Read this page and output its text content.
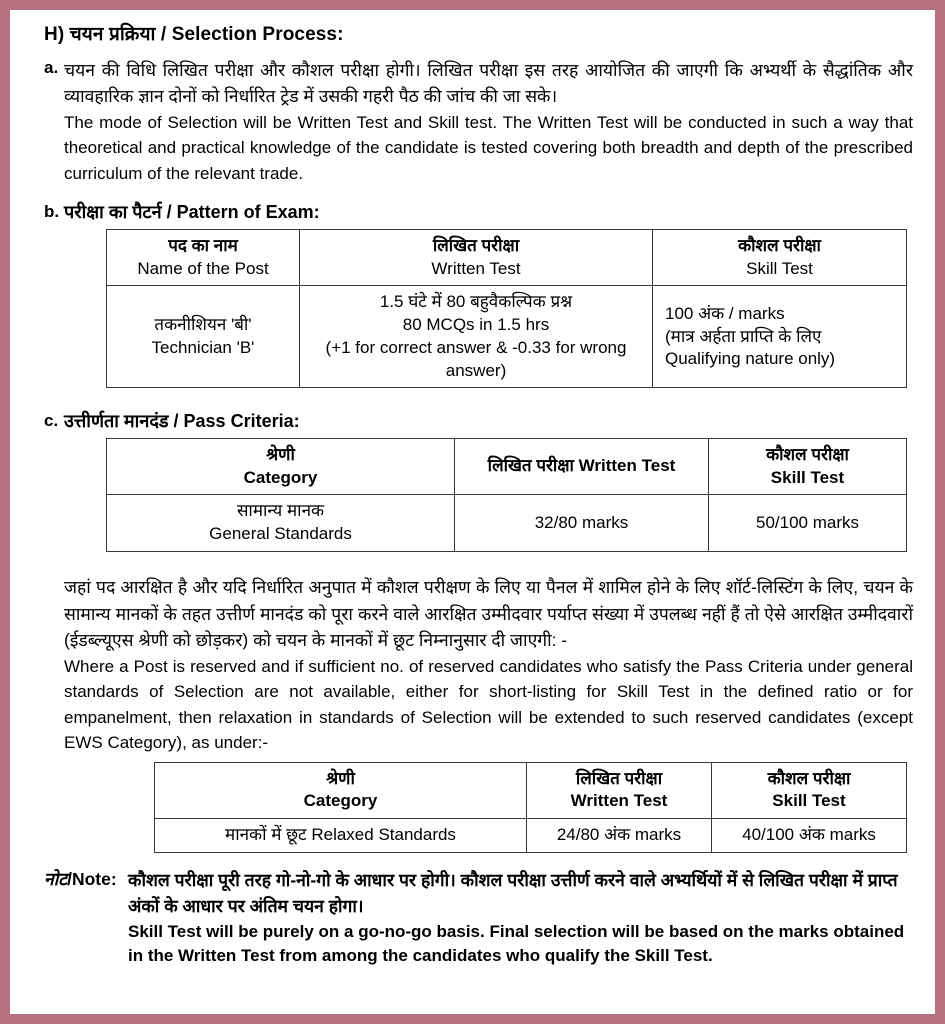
H) चयन प्रक्रिया / Selection Process:
a. चयन की विधि लिखित परीक्षा और कौशल परीक्षा होगी। लिखित परीक्षा इस तरह आयोजित की जाएगी कि अभ्यर्थी के सैद्धांतिक और व्यावहारिक ज्ञान दोनों को निर्धारित ट्रेड में उसकी गहरी पैठ की जांच की जा सके।

The mode of Selection will be Written Test and Skill test. The Written Test will be conducted in such a way that theoretical and practical knowledge of the candidate is tested covering both breadth and depth of the prescribed curriculum of the relevant trade.

b. परीक्षा का पैटर्न / Pattern of Exam:
पद का नाम
Name of the Post	लिखित परीक्षा
Written Test	कौशल परीक्षा
Skill Test

तकनीशियन 'बी'
Technician 'B'	1.5 घंटे में 80 बहुवैकल्पिक प्रश्न
80 MCQs in 1.5 hrs
(+1 for correct answer & -0.33 for wrong
answer)	100 अंक / marks
(मात्र अर्हता प्राप्ति के लिए
Qualifying nature only)
c. उत्तीर्णता मानदंड / Pass Criteria:
श्रेणी
Category	लिखित परीक्षा Written Test	कौशल परीक्षा
Skill Test

सामान्य मानक
General Standards	32/80 marks	50/100 marks

जहां पद आरक्षित है और यदि निर्धारित अनुपात में कौशल परीक्षण के लिए या पैनल में शामिल होने के लिए शॉर्ट-लिस्टिंग के लिए, चयन के सामान्य मानकों के तहत उत्तीर्ण मानदंड को पूरा करने वाले आरक्षित उम्मीदवार पर्याप्त संख्या में उपलब्ध नहीं हैं तो ऐसे आरक्षित उम्मीदवारों (ईडब्ल्यूएस श्रेणी को छोड़कर) को चयन के मानकों में छूट निम्नानुसार दी जाएगी: -

Where a Post is reserved and if sufficient no. of reserved candidates who satisfy the Pass Criteria under general standards of Selection are not available, either for short-listing for Skill Test in the defined ratio or for empanelment, then relaxation in standards of Selection will be extended to such reserved candidates (except EWS Category), as under:-

श्रेणी
Category	लिखित परीक्षा
Written Test	कौशल परीक्षा
Skill Test

मानकों में छूट Relaxed Standards	24/80 अंक marks	40/100 अंक marks
नोट/Note: कौशल परीक्षा पूरी तरह गो-नो-गो के आधार पर होगी। कौशल परीक्षा उत्तीर्ण करने वाले अभ्यर्थियों में से लिखित परीक्षा में प्राप्त अंकों के आधार पर अंतिम चयन होगा।

Skill Test will be purely on a go-no-go basis. Final selection will be based on the marks obtained in the Written Test from among the candidates who qualify the Skill Test.
